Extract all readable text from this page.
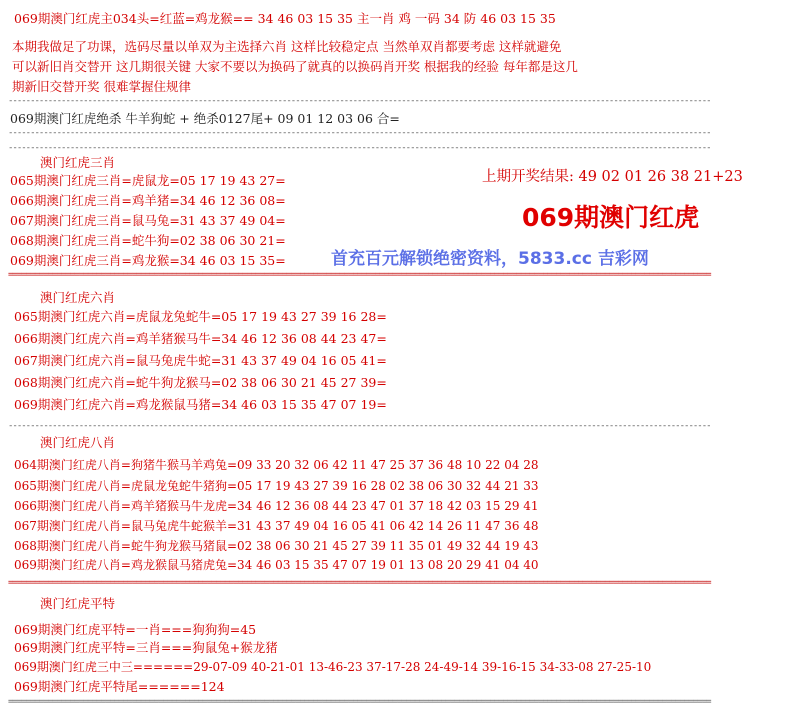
069期澳门红虎主034头=红蓝=鸡龙猴== 34 46 03 15 35 主一肖 鸡 一码 34 防 46 03 15 35
本期我做足了功课，选码尽量以单双为主选择六肖 这样比较稳定点 当然单双肖都要考虑 这样就避免
可以新旧肖交替开 这几期很关键 大家不要以为换码了就真的以换码肖开奖 根据我的经验 每年都是这几
期新旧交替开奖 很难掌握住规律
---------------------------------------------------------------------------------------------------------------------------------------------------------------
069期澳门红虎绝杀 牛羊狗蛇 + 绝杀0127尾+ 09 01 12 03 06 合=
---------------------------------------------------------------------------------------------------------------------------------------------------------------
---------------------------------------------------------------------------------------------------------------------------------------------------------------
澳门红虎三肖
065期澳门红虎三肖=虎鼠龙=05 17 19 43 27=
066期澳门红虎三肖=鸡羊猪=34 46 12 36 08=
067期澳门红虎三肖=鼠马兔=31 43 37 49 04=
068期澳门红虎三肖=蛇牛狗=02 38 06 30 21=
069期澳门红虎三肖=鸡龙猴=34 46 03 15 35=
===============================================================================================================================================================
上期开奖结果: 49 02 01 26 38 21+23
069期澳门红虎
首充百元解锁绝密资料，5833.cc 吉彩网
澳门红虎六肖
065期澳门红虎六肖=虎鼠龙兔蛇牛=05 17 19 43 27 39 16 28=
066期澳门红虎六肖=鸡羊猪猴马牛=34 46 12 36 08 44 23 47=
067期澳门红虎六肖=鼠马兔虎牛蛇=31 43 37 49 04 16 05 41=
068期澳门红虎六肖=蛇牛狗龙猴马=02 38 06 30 21 45 27 39=
069期澳门红虎六肖=鸡龙猴鼠马猪=34 46 03 15 35 47 07 19=
---------------------------------------------------------------------------------------------------------------------------------------------------------------
澳门红虎八肖
064期澳门红虎八肖=狗猪牛猴马羊鸡兔=09 33 20 32 06 42 11 47 25 37 36 48 10 22 04 28
065期澳门红虎八肖=虎鼠龙兔蛇牛猪狗=05 17 19 43 27 39 16 28 02 38 06 30 32 44 21 33
066期澳门红虎八肖=鸡羊猪猴马牛龙虎=34 46 12 36 08 44 23 47 01 37 18 42 03 15 29 41
067期澳门红虎八肖=鼠马兔虎牛蛇猴羊=31 43 37 49 04 16 05 41 06 42 14 26 11 47 36 48
068期澳门红虎八肖=蛇牛狗龙猴马猪鼠=02 38 06 30 21 45 27 39 11 35 01 49 32 44 19 43
069期澳门红虎八肖=鸡龙猴鼠马猪虎兔=34 46 03 15 35 47 07 19 01 13 08 20 29 41 04 40
===============================================================================================================================================================
澳门红虎平特
069期澳门红虎平特=一肖===狗狗狗=45
069期澳门红虎平特=三肖===狗鼠兔+猴龙猪
069期澳门红虎三中三======29-07-09 40-21-01 13-46-23 37-17-28 24-49-14 39-16-15 34-33-08 27-25-10
069期澳门红虎平特尾======124
===============================================================================================================================================================
